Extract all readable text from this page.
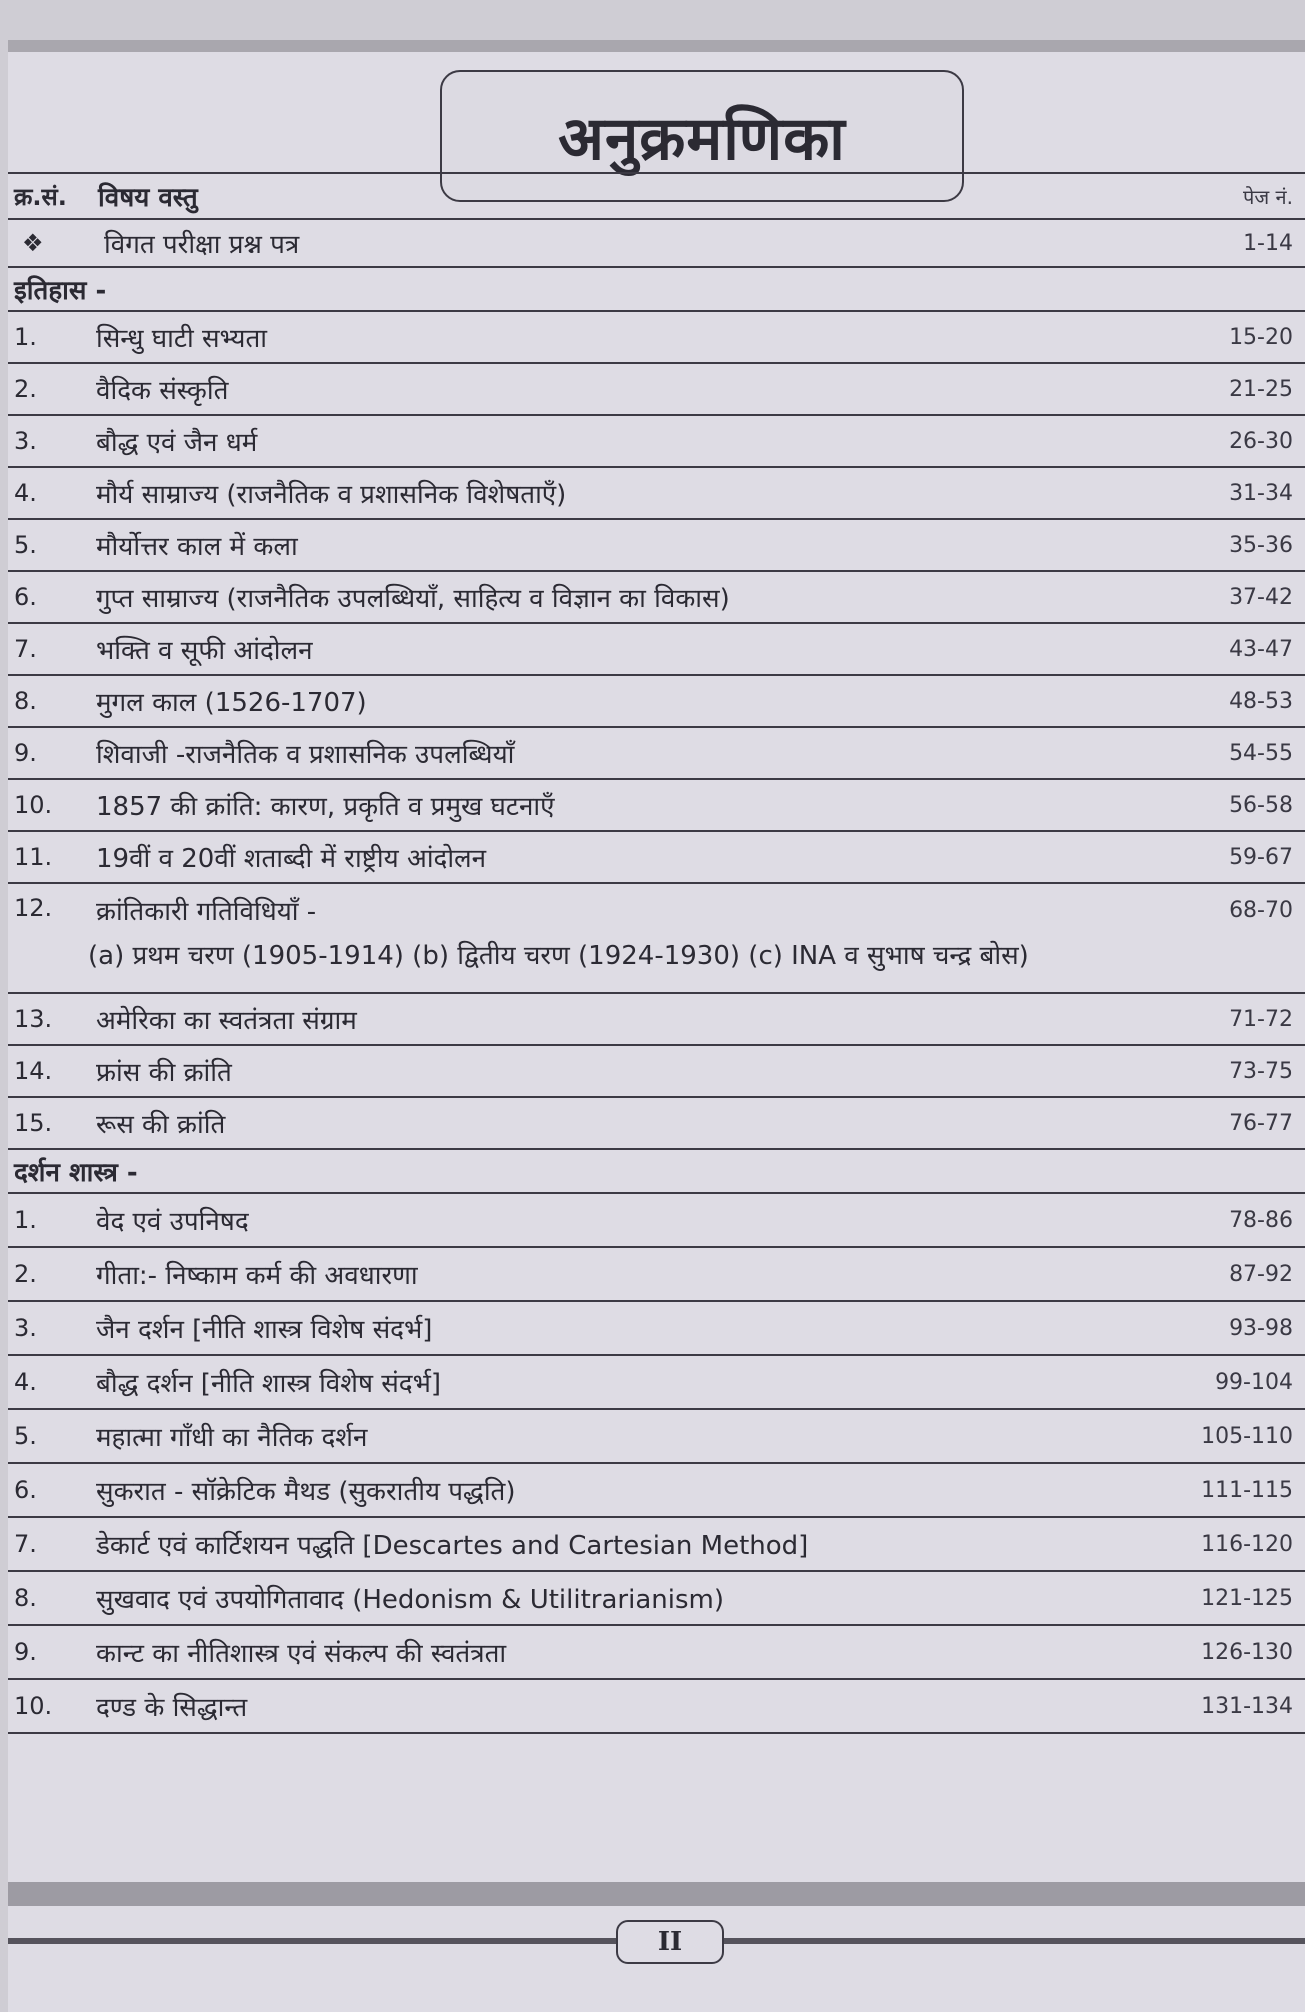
अनुक्रमणिका
क्र.सं.	विषय वस्तु	पेज नं.
❖	विगत परीक्षा प्रश्न पत्र	1-14
इतिहास -
1.	सिन्धु घाटी सभ्यता	15-20
2.	वैदिक संस्कृति	21-25
3.	बौद्ध एवं जैन धर्म	26-30
4.	मौर्य साम्राज्य (राजनैतिक व प्रशासनिक विशेषताएँ)	31-34
5.	मौर्योत्तर काल में कला	35-36
6.	गुप्त साम्राज्य (राजनैतिक उपलब्धियाँ, साहित्य व विज्ञान का विकास)	37-42
7.	भक्ति व सूफी आंदोलन	43-47
8.	मुगल काल (1526-1707)	48-53
9.	शिवाजी -राजनैतिक व प्रशासनिक उपलब्धियाँ	54-55
10.	1857 की क्रांति: कारण, प्रकृति व प्रमुख घटनाएँ	56-58
11.	19वीं व 20वीं शताब्दी में राष्ट्रीय आंदोलन	59-67
12.	क्रांतिकारी गतिविधियाँ -	68-70
(a) प्रथम चरण (1905-1914) (b) द्वितीय चरण (1924-1930) (c) INA व सुभाष चन्द्र बोस)
13.	अमेरिका का स्वतंत्रता संग्राम	71-72
14.	फ्रांस की क्रांति	73-75
15.	रूस की क्रांति	76-77
दर्शन शास्त्र -
1.	वेद एवं उपनिषद	78-86
2.	गीता:- निष्काम कर्म की अवधारणा	87-92
3.	जैन दर्शन [नीति शास्त्र विशेष संदर्भ]	93-98
4.	बौद्ध दर्शन [नीति शास्त्र विशेष संदर्भ]	99-104
5.	महात्मा गाँधी का नैतिक दर्शन	105-110
6.	सुकरात - सॉक्रेटिक मैथड (सुकरातीय पद्धति)	111-115
7.	डेकार्ट एवं कार्टिशयन पद्धति [Descartes and Cartesian Method]	116-120
8.	सुखवाद एवं उपयोगितावाद (Hedonism & Utilitrarianism)	121-125
9.	कान्ट का नीतिशास्त्र एवं संकल्प की स्वतंत्रता	126-130
10.	दण्ड के सिद्धान्त	131-134
II
